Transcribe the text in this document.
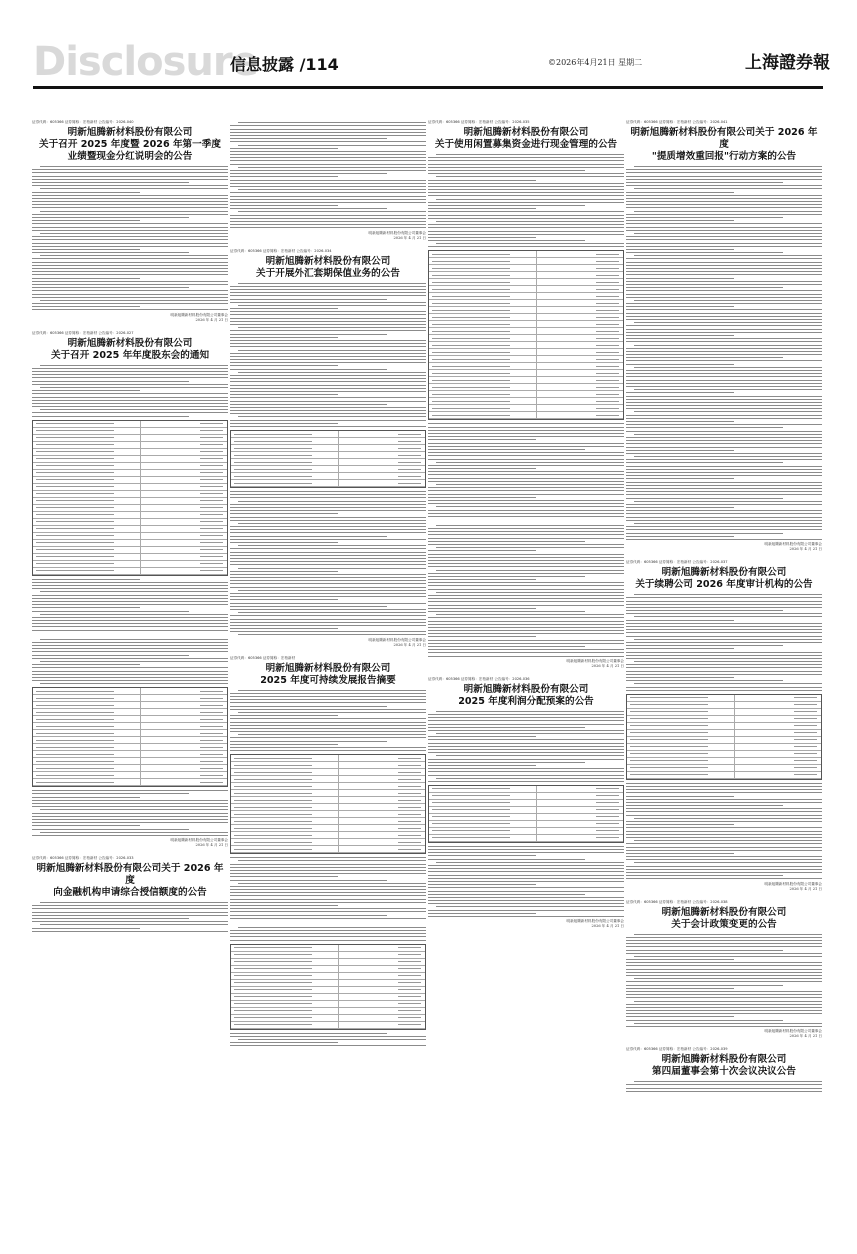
Disclosure
信息披露 /114	©2026年4月21日 星期二	上海證券報
证券代码：605366 证券简称：宏柏新材 公告编号：2026-040
明新旭腾新材料股份有限公司
关于召开 2025 年度暨 2026 年第一季度
业绩暨现金分红说明会的公告
明新旭腾新材料股份有限公司董事会
2026 年 4 月 21 日
证券代码：605366 证券简称：宏柏新材 公告编号：2026-027
明新旭腾新材料股份有限公司
关于召开 2025 年年度股东会的通知
明新旭腾新材料股份有限公司董事会
2026 年 4 月 21 日
证券代码：605366 证券简称：宏柏新材 公告编号：2026-033
明新旭腾新材料股份有限公司关于 2026 年度
向金融机构申请综合授信额度的公告
明新旭腾新材料股份有限公司董事会
2026 年 4 月 21 日
证券代码：605366 证券简称：宏柏新材 公告编号：2026-034
明新旭腾新材料股份有限公司
关于开展外汇套期保值业务的公告
明新旭腾新材料股份有限公司董事会
2026 年 4 月 21 日
证券代码：605366 证券简称：宏柏新材
明新旭腾新材料股份有限公司
2025 年度可持续发展报告摘要
证券代码：605366 证券简称：宏柏新材 公告编号：2026-035
明新旭腾新材料股份有限公司
关于使用闲置募集资金进行现金管理的公告
明新旭腾新材料股份有限公司董事会
2026 年 4 月 21 日
证券代码：605366 证券简称：宏柏新材 公告编号：2026-036
明新旭腾新材料股份有限公司
2025 年度利润分配预案的公告
明新旭腾新材料股份有限公司董事会
2026 年 4 月 21 日
证券代码：605366 证券简称：宏柏新材 公告编号：2026-041
明新旭腾新材料股份有限公司关于 2026 年度
"提质增效重回报"行动方案的公告
明新旭腾新材料股份有限公司董事会
2026 年 4 月 21 日
证券代码：605366 证券简称：宏柏新材 公告编号：2026-037
明新旭腾新材料股份有限公司
关于续聘公司 2026 年度审计机构的公告
明新旭腾新材料股份有限公司董事会
2026 年 4 月 21 日
证券代码：605366 证券简称：宏柏新材 公告编号：2026-038
明新旭腾新材料股份有限公司
关于会计政策变更的公告
明新旭腾新材料股份有限公司董事会
2026 年 4 月 21 日
证券代码：605366 证券简称：宏柏新材 公告编号：2026-039
明新旭腾新材料股份有限公司
第四届董事会第十次会议决议公告
